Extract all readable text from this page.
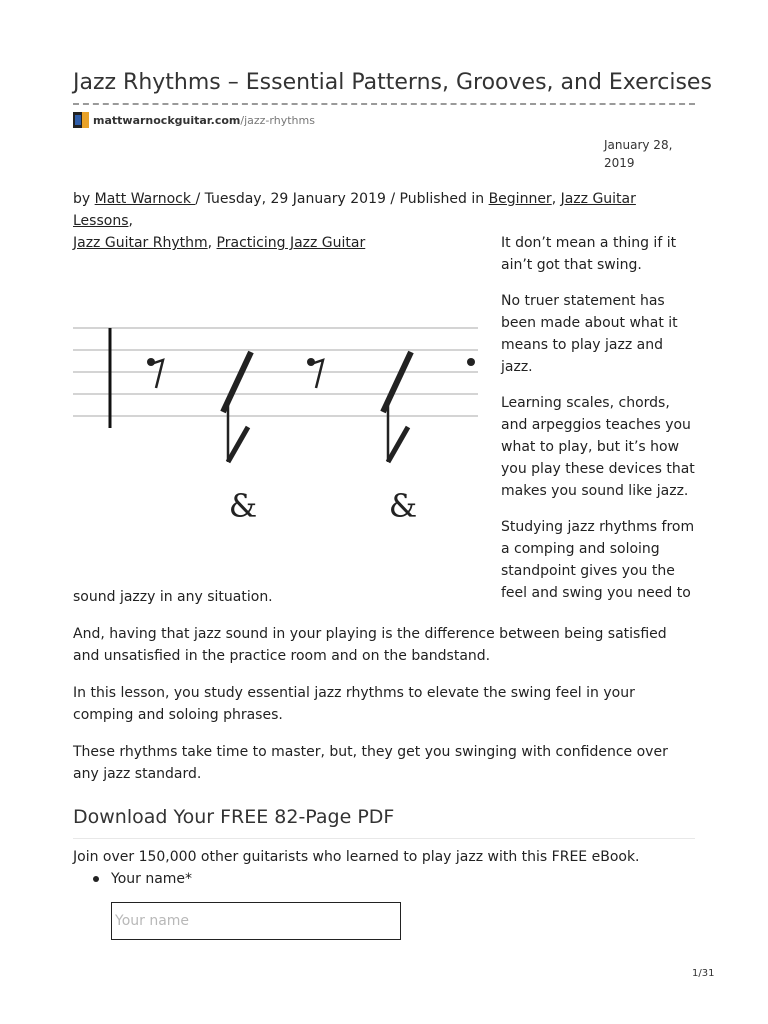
Jazz Rhythms – Essential Patterns, Grooves, and Exercises
mattwarnockguitar.com /jazz-rhythms
January 28, 2019
by Matt Warnock / Tuesday, 29 January 2019 / Published in Beginner, Jazz Guitar Lessons,
Jazz Guitar Rhythm, Practicing Jazz Guitar
&	&

It don’t mean a thing if it ain’t got that swing.

No truer statement has been made about what it means to play jazz and jazz.

Learning scales, chords, and arpeggios teaches you what to play, but it’s how you play these devices that makes you sound like jazz.

Studying jazz rhythms from a comping and soloing standpoint gives you the feel and swing you need to

sound jazzy in any situation.

And, having that jazz sound in your playing is the difference between being satisfied and unsatisfied in the practice room and on the bandstand.

In this lesson, you study essential jazz rhythms to elevate the swing feel in your comping and soloing phrases.

These rhythms take time to master, but, they get you swinging with confidence over any jazz standard.

Download Your FREE 82-Page PDF

Join over 150,000 other guitarists who learned to play jazz with this FREE eBook.

Your name*
Your name
1/31
